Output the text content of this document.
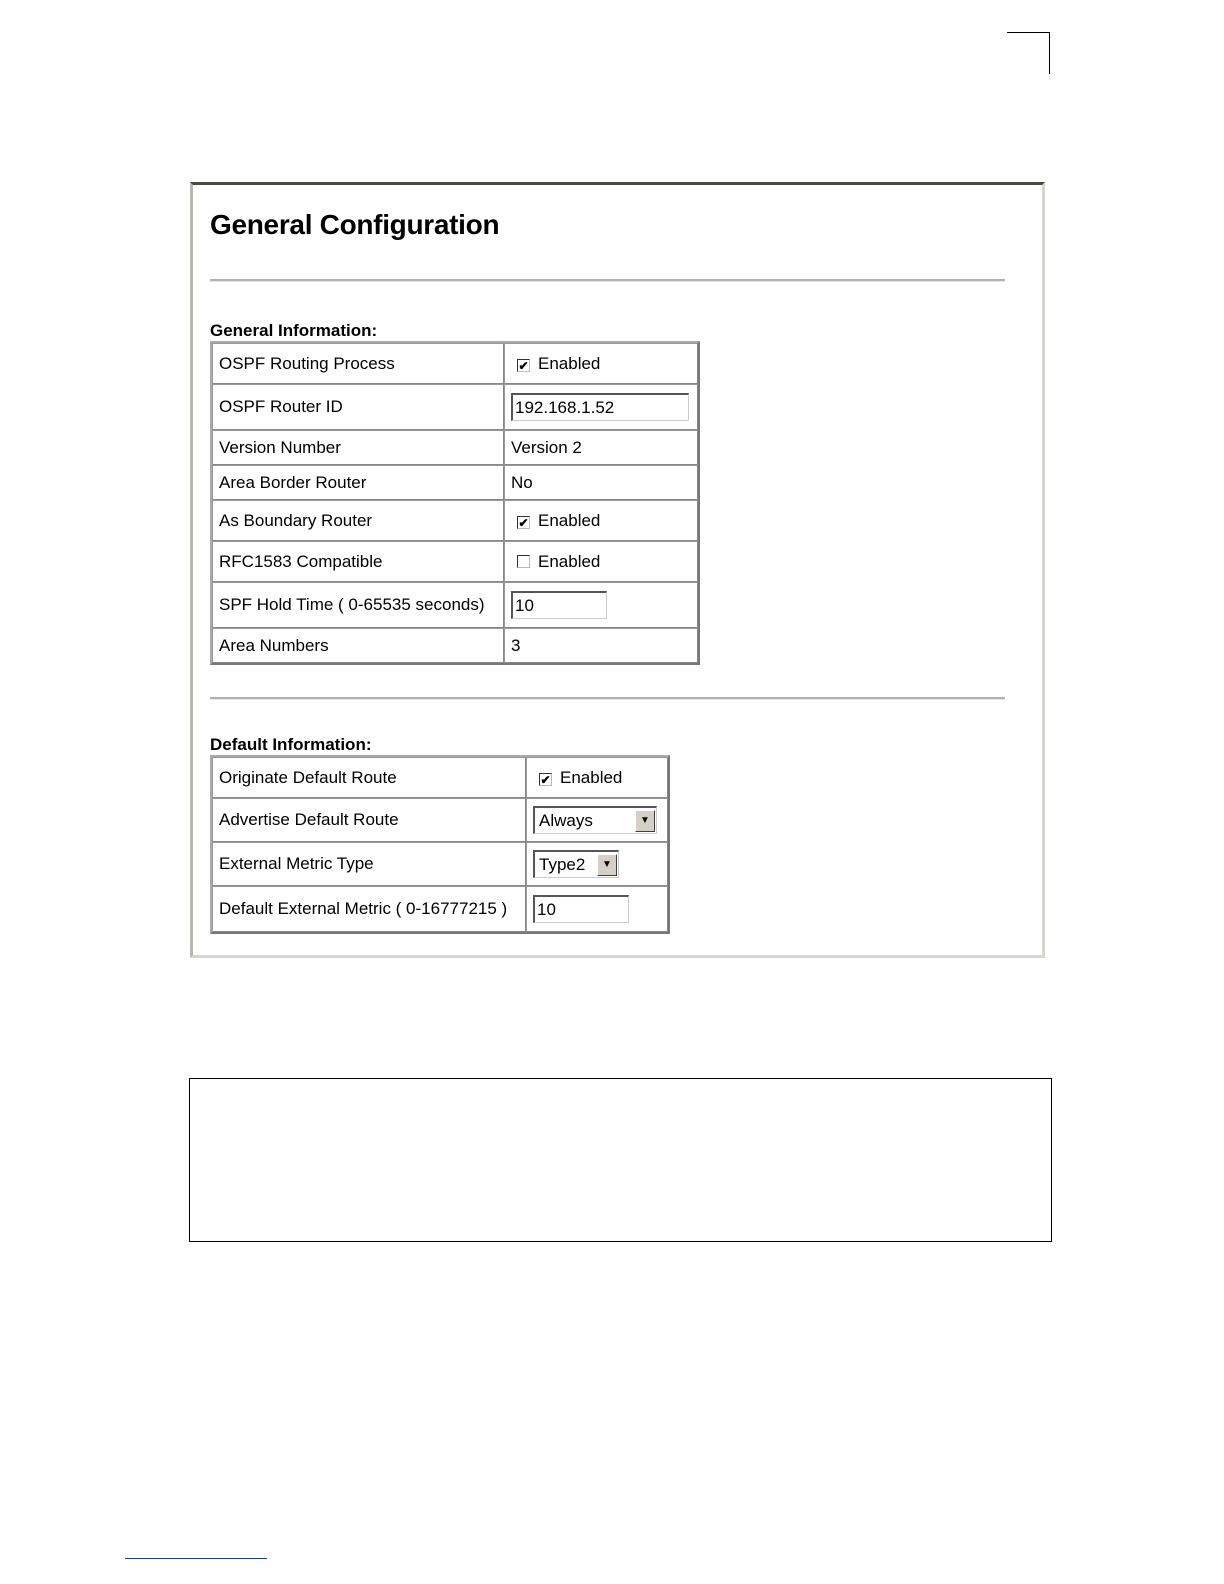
General Configuration

General Information:

OSPF Routing Process	✔ Enabled
OSPF Router ID	192.168.1.52
Version Number	Version 2
Area Border Router	No
As Boundary Router	✔ Enabled
RFC1583 Compatible	Enabled
SPF Hold Time ( 0-65535 seconds)	10
Area Numbers	3

Default Information:

Originate Default Route	✔ Enabled
Advertise Default Route	Always ▼

External Metric Type	Type2 ▼

Default External Metric ( 0-16777215 )	10
